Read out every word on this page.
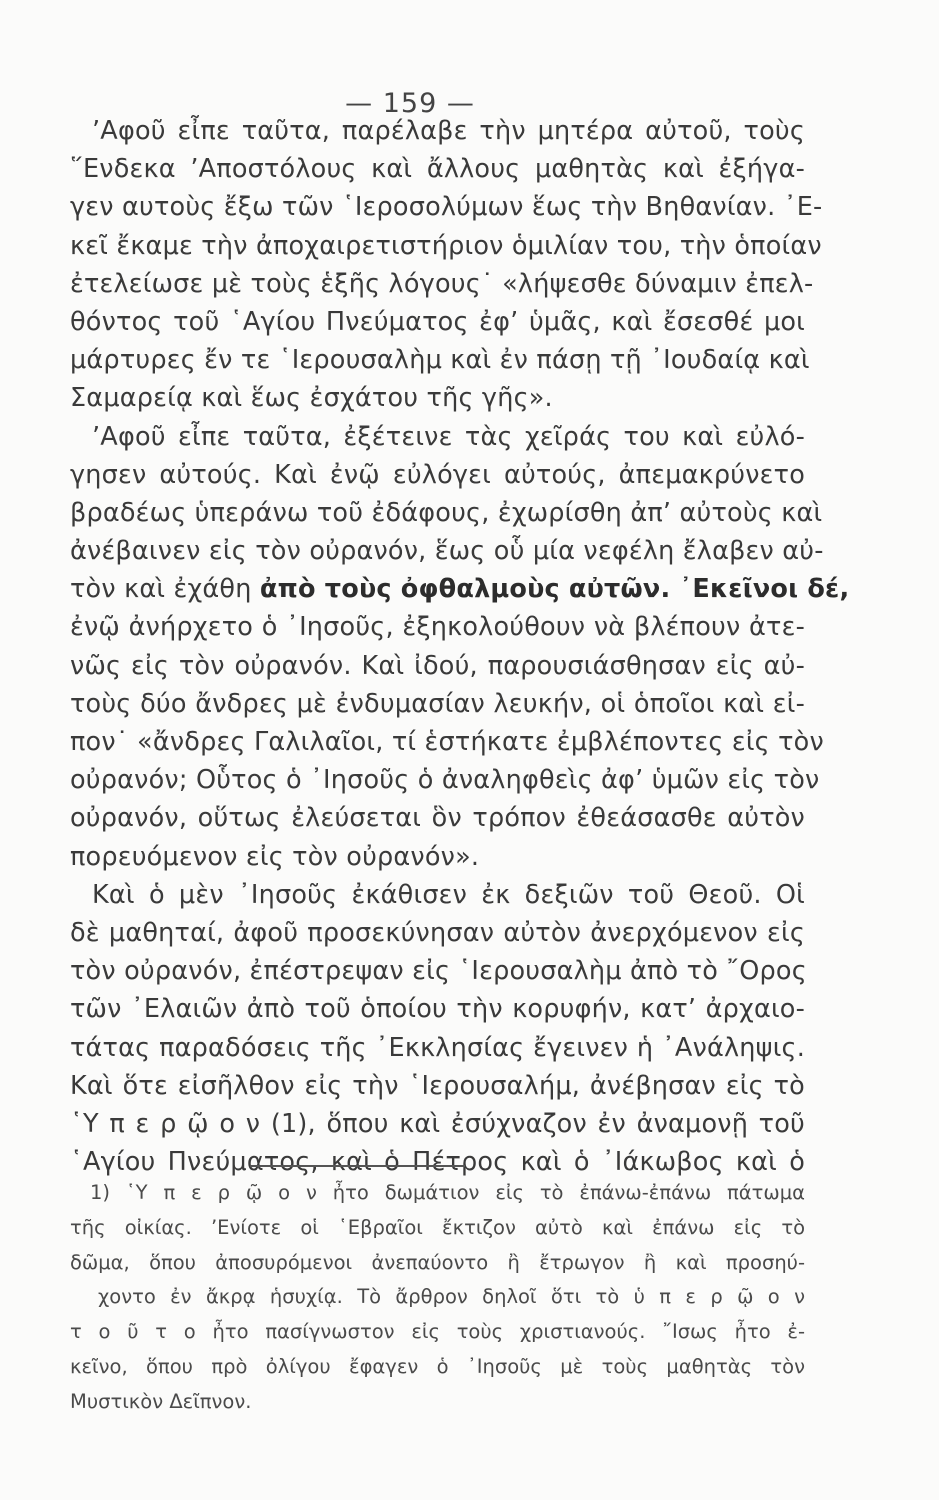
— 159 —
’Αφοῦ εἶπε ταῦτα, παρέλαβε τὴν μητέρα αὐτοῦ, τοὺς
῞Ενδεκα ’Αποστόλους καὶ ἄλλους μαθητὰς καὶ ἐξήγα-
γεν αυτοὺς ἔξω τῶν ῾Ιεροσολύμων ἕως τὴν Βηθανίαν. ᾿Ε-
κεῖ ἔκαμε τὴν ἀποχαιρετιστήριον ὁμιλίαν του, τὴν ὁποίαν
ἐτελείωσε μὲ τοὺς ἑξῆς λόγους˙ «λήψεσθε δύναμιν ἐπελ-
θόντος τοῦ ῾Αγίου Πνεύματος ἐφ’ ὑμᾶς, καὶ ἔσεσθέ μοι
μάρτυρες ἔν τε ῾Ιερουσαλὴμ καὶ ἐν πάσῃ τῇ ᾿Ιουδαίᾳ καὶ
Σαμαρείᾳ καὶ ἕως ἐσχάτου τῆς γῆς».
’Αφοῦ εἶπε ταῦτα, ἐξέτεινε τὰς χεῖράς του καὶ εὐλό-
γησεν αὐτούς. Καὶ ἐνῷ εὐλόγει αὐτούς, ἀπεμακρύνετο
βραδέως ὑπεράνω τοῦ ἐδάφους, ἐχωρίσθη ἀπ’ αὐτοὺς καὶ
ἀνέβαινεν εἰς τὸν οὐρανόν, ἕως οὗ μία νεφέλη ἔλαβεν αὐ-
τὸν καὶ ἐχάθη ἀπὸ τοὺς ὀφθαλμοὺς αὐτῶν. ᾿Εκεῖνοι δέ,
ἐνῷ ἀνήρχετο ὁ ᾿Ιησοῦς, ἐξηκολούθουν νὰ βλέπουν ἀτε-
νῶς εἰς τὸν οὐρανόν. Καὶ ἰδού, παρουσιάσθησαν εἰς αὐ-
τοὺς δύο ἄνδρες μὲ ἐνδυμασίαν λευκήν, οἱ ὁποῖοι καὶ εἰ-
πον˙ «ἄνδρες Γαλιλαῖοι, τί ἑστήκατε ἐμβλέποντες εἰς τὸν
οὐρανόν; Οὗτος ὁ ᾿Ιησοῦς ὁ ἀναληφθεὶς ἀφ’ ὑμῶν εἰς τὸν
οὐρανόν, οὕτως ἐλεύσεται ὃν τρόπον ἐθεάσασθε αὐτὸν
πορευόμενον εἰς τὸν οὐρανόν».
Καὶ ὁ μὲν ᾿Ιησοῦς ἐκάθισεν ἐκ δεξιῶν τοῦ Θεοῦ. Οἱ
δὲ μαθηταί, ἀφοῦ προσεκύνησαν αὐτὸν ἀνερχόμενον εἰς
τὸν οὐρανόν, ἐπέστρεψαν εἰς ῾Ιερουσαλὴμ ἀπὸ τὸ ῎Ορος
τῶν ᾿Ελαιῶν ἀπὸ τοῦ ὁποίου τὴν κορυφήν, κατ’ ἀρχαιο-
τάτας παραδόσεις τῆς ᾿Εκκλησίας ἔγεινεν ἡ ᾿Ανάληψις.
Καὶ ὅτε εἰσῆλθον εἰς τὴν ῾Ιερουσαλήμ, ἀνέβησαν εἰς τὸ
῾Υ π ε ρ ῷ ο ν (1), ὅπου καὶ ἐσύχναζον ἐν ἀναμονῇ τοῦ
῾Αγίου Πνεύματος, καὶ ὁ Πέτρος καὶ ὁ ᾿Ιάκωβος καὶ ὁ
1) ῾Υ π ε ρ ῷ ο ν ἦτο δωμάτιον εἰς τὸ ἐπάνω-ἐπάνω πάτωμα
τῆς οἰκίας. ’Ενίοτε οἱ ῾Εβραῖοι ἔκτιζον αὐτὸ καὶ ἐπάνω εἰς τὸ
δῶμα, ὅπου ἀποσυρόμενοι ἀνεπαύοντο ἢ ἔτρωγον ἢ καὶ προσηύ-
χοντο ἐν ἄκρᾳ ἡσυχίᾳ. Τὸ ἄρθρον δηλοῖ ὅτι τὸ ὑ π ε ρ ῷ ο ν
τ ο ῦ τ ο ἦτο πασίγνωστον εἰς τοὺς χριστιανούς. ῎Ισως ἦτο ἐ-
κεῖνο, ὅπου πρὸ ὀλίγου ἔφαγεν ὁ ᾿Ιησοῦς μὲ τοὺς μαθητὰς τὸν
Μυστικὸν Δεῖπνον.
